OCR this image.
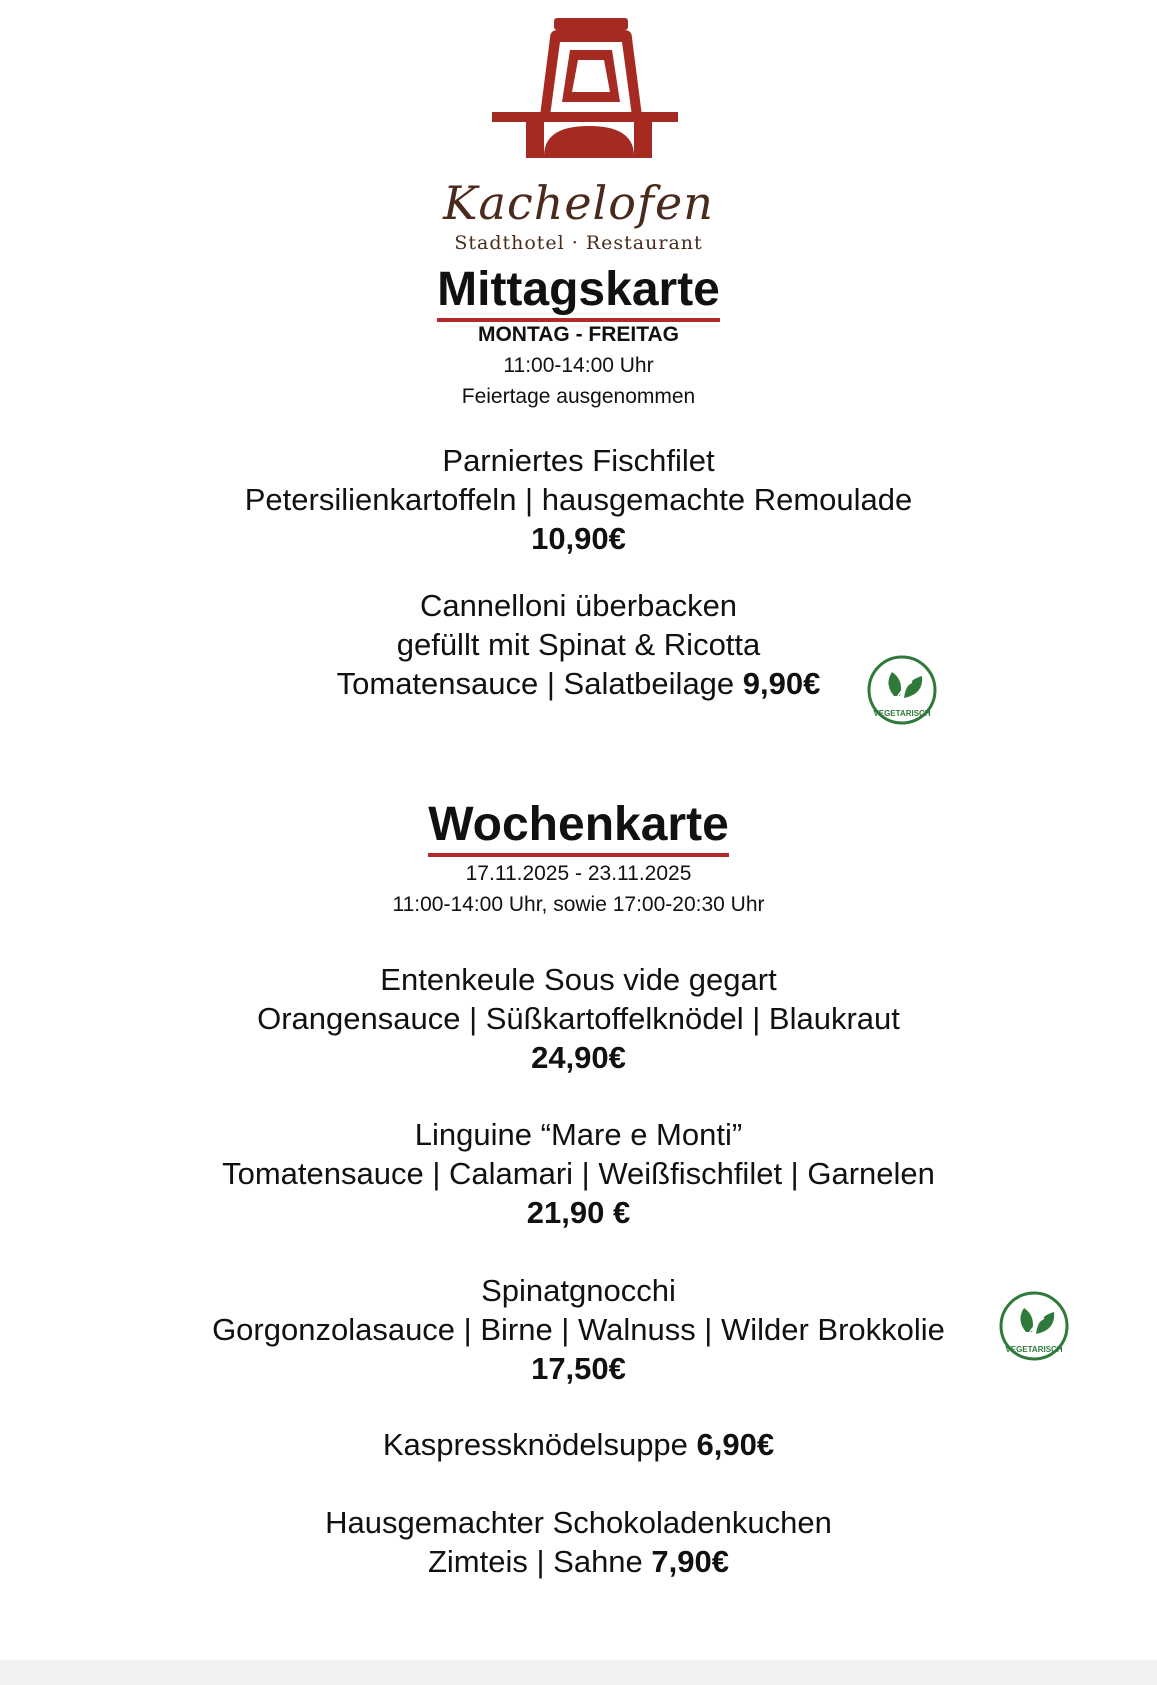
Kachelofen
Stadthotel · Restaurant
Mittagskarte
MONTAG - FREITAG
11:00-14:00 Uhr
Feiertage ausgenommen
Parniertes Fischfilet
Petersilienkartoffeln | hausgemachte Remoulade
10,90€
Cannelloni überbacken
gefüllt mit Spinat & Ricotta
Tomatensauce | Salatbeilage 9,90€
VEGETARISCH
Wochenkarte
17.11.2025 - 23.11.2025
11:00-14:00 Uhr, sowie 17:00-20:30 Uhr
Entenkeule Sous vide gegart
Orangensauce | Süßkartoffelknödel | Blaukraut
24,90€
Linguine “Mare e Monti”
Tomatensauce | Calamari | Weißfischfilet | Garnelen
21,90 €
Spinatgnocchi
Gorgonzolasauce | Birne | Walnuss | Wilder Brokkolie
17,50€
VEGETARISCH
Kaspressknödelsuppe 6,90€
Hausgemachter Schokoladenkuchen
Zimteis | Sahne 7,90€
